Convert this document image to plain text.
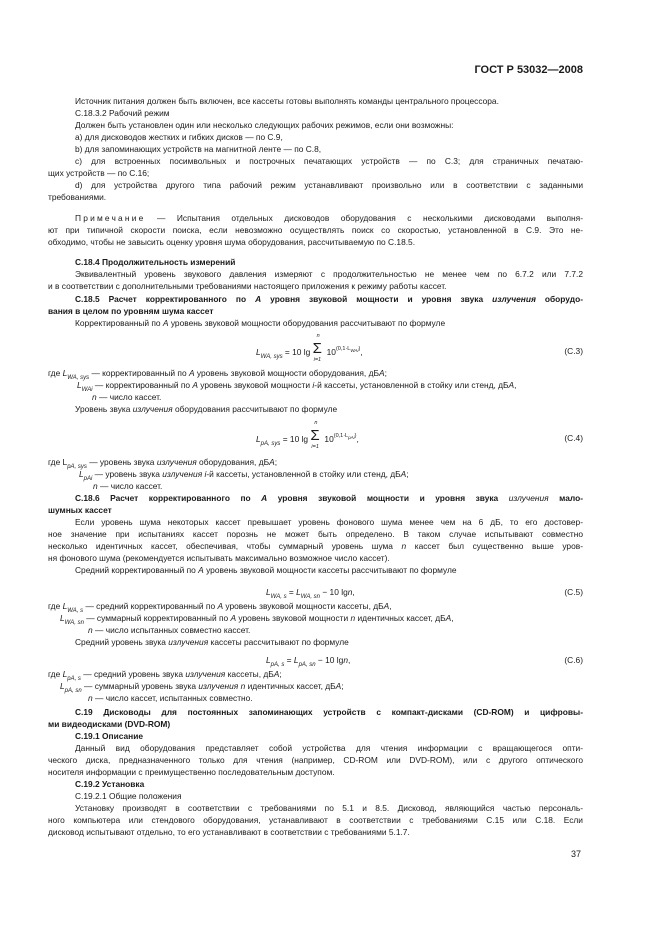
ГОСТ Р 53032—2008
Источник питания должен быть включен, все кассеты готовы выполнять команды центрального процессора.
С.18.3.2 Рабочий режим
Должен быть установлен один или несколько следующих рабочих режимов, если они возможны:
а) для дисководов жестких и гибких дисков — по С.9,
b) для запоминающих устройств на магнитной ленте — по С.8,
с) для встроенных посимвольных и построчных печатающих устройств — по С.3; для страничных печатаю-
щих устройств — по С.16;
d) для устройства другого типа рабочий режим устанавливают произвольно или в соответствии с заданными
требованиями.
Примечание — Испытания отдельных дисководов оборудования с несколькими дисководами выполня-
ют при типичной скорости поиска, если невозможно осуществлять поиск со скоростью, установленной в С.9. Это не-
обходимо, чтобы не завысить оценку уровня шума оборудования, рассчитываемую по С.18.5.
С.18.4 Продолжительность измерений
Эквивалентный уровень звукового давления измеряют с продолжительностью не менее чем по 6.7.2 или 7.7.2
и в соответствии с дополнительными требованиями настоящего приложения к режиму работы кассет.
С.18.5 Расчет корректированного по А уровня звуковой мощности и уровня звука излучения оборудо-
вания в целом по уровням шума кассет
Корректированный по А уровень звуковой мощности оборудования рассчитывают по формуле
где $L_{WA, sys}$ — корректированный по А уровень звуковой мощности оборудования, дБА;
$L_{WAi}$ — корректированный по А уровень звуковой мощности i-й кассеты, установленной в стойку или стенд, дБА,
n — число кассет.
Уровень звука излучения оборудования рассчитывают по формуле
где $L_{pA, sys}$ — уровень звука излучения оборудования, дБА;
$L_{pAi}$ — уровень звука излучения i-й кассеты, установленной в стойку или стенд, дБА;
n — число кассет.
С.18.6 Расчет корректированного по А уровня звуковой мощности и уровня звука излучения мало-
шумных кассет
Если уровень шума некоторых кассет превышает уровень фонового шума менее чем на 6 дБ, то его достовер-
ное значение при испытаниях кассет порознь не может быть определено. В таком случае испытывают совместно
несколько идентичных кассет, обеспечивая, чтобы суммарный уровень шума n кассет был существенно выше уров-
ня фонового шума (рекомендуется испытывать максимально возможное число кассет).
Средний корректированный по А уровень звуковой мощности кассеты рассчитывают по формуле
где $L_{WA, s}$ — средний корректированный по А уровень звуковой мощности кассеты, дБА,
$L_{WA, sn}$ — суммарный корректированный по А уровень звуковой мощности n идентичных кассет, дБА,
n — число испытанных совместно кассет.
Средний уровень звука излучения кассеты рассчитывают по формуле
где $L_{pA, s}$ — средний уровень звука излучения кассеты, дБА;
$L_{pA, sn}$ — суммарный уровень звука излучения n идентичных кассет, дБА;
n — число кассет, испытанных совместно.
С.19 Дисководы для постоянных запоминающих устройств с компакт-дисками (CD-ROM) и цифровы-
ми видеодисками (DVD-ROM)
С.19.1 Описание
Данный вид оборудования представляет собой устройства для чтения информации с вращающегося опти-
ческого диска, предназначенного только для чтения (например, CD-ROM или DVD-ROM), или с другого оптического
носителя информации с преимущественно последовательным доступом.
С.19.2 Установка
С.19.2.1 Общие положения
Установку производят в соответствии с требованиями по 5.1 и 8.5. Дисковод, являющийся частью персональ-
ного компьютера или стендового оборудования, устанавливают в соответствии с требованиями С.15 или С.18. Если
дисковод испытывают отдельно, то его устанавливают в соответствии с требованиями 5.1.7.
$L_{WA, sys} = 10$ lg Σ
n
i=1
$10^{(0,1\cdot LWAi)}$,	(С.3)
$L_{pA, sys} = 10$ lg Σ
n
i=1
$10^{(0,1\cdot LpAi)}$,	(С.4)
$L_{WA, s} = L_{WA, sn} - 10$ lgn,	(С.5)
$L_{pA, s} = L_{pA, sn} - 10$ lgn,	(С.6)
37
